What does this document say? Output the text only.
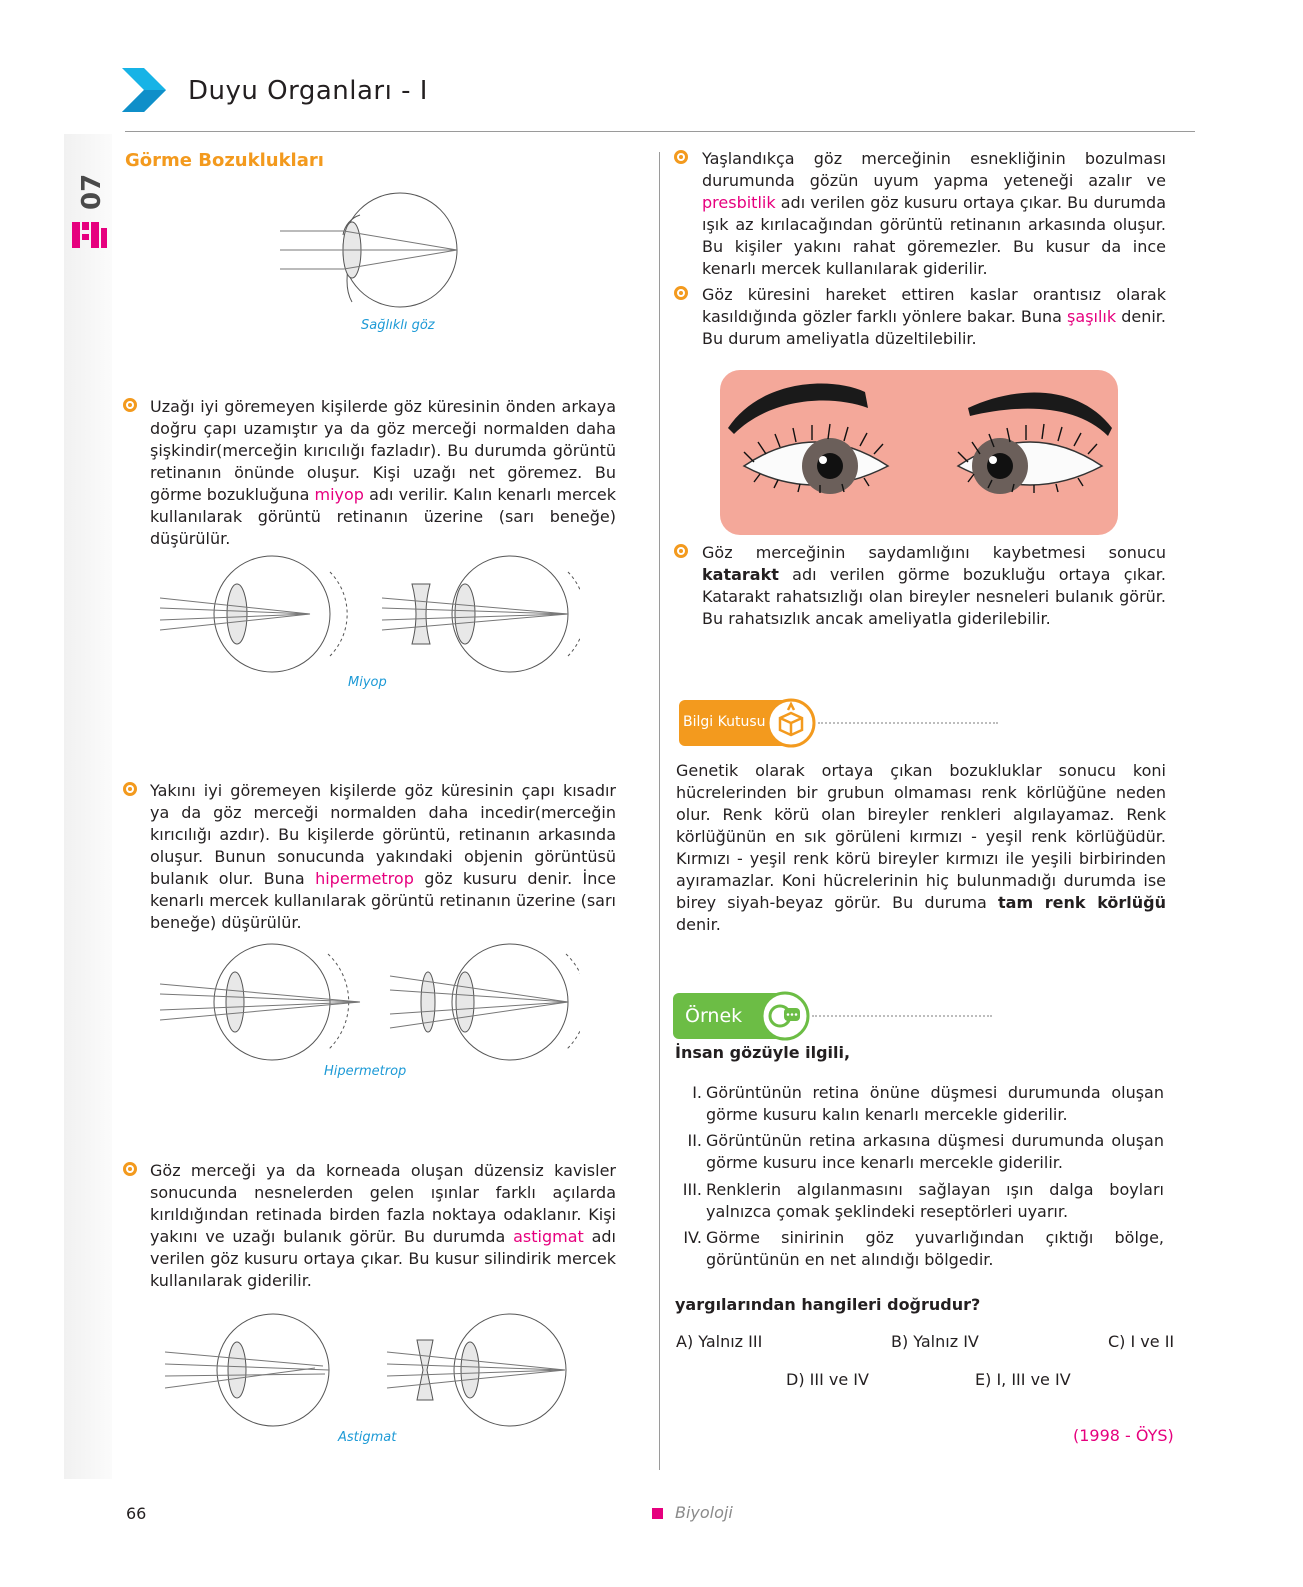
Duyu Organları - I
07
Görme Bozuklukları
Sağlıklı göz
Uzağı iyi göremeyen kişilerde göz küresinin önden arkaya doğru çapı uzamıştır ya da göz merceği normalden daha şişkindir(merceğin kırıcılığı fazladır). Bu durumda görüntü retinanın önünde oluşur. Kişi uzağı net göremez. Bu görme bozukluğuna miyop adı verilir. Kalın kenarlı mercek kullanılarak görüntü retinanın üzerine (sarı beneğe) düşürülür.
Miyop
Yakını iyi göremeyen kişilerde göz küresinin çapı kısadır ya da göz merceği normalden daha incedir(merceğin kırıcılığı azdır). Bu kişilerde görüntü, retinanın arkasında oluşur. Bunun sonucunda yakındaki objenin görüntüsü bulanık olur. Buna hipermetrop göz kusuru denir. İnce kenarlı mercek kullanılarak görüntü retinanın üzerine (sarı beneğe) düşürülür.
Hipermetrop
Göz merceği ya da korneada oluşan düzensiz kavisler sonucunda nesnelerden gelen ışınlar farklı açılarda kırıldığından retinada birden fazla noktaya odaklanır. Kişi yakını ve uzağı bulanık görür. Bu durumda astigmat adı verilen göz kusuru ortaya çıkar. Bu kusur silindirik mercek kullanılarak giderilir.
Astigmat
Yaşlandıkça göz merceğinin esnekliğinin bozulması durumunda gözün uyum yapma yeteneği azalır ve presbitlik adı verilen göz kusuru ortaya çıkar. Bu durumda ışık az kırılacağından görüntü retinanın arkasında oluşur. Bu kişiler yakını rahat göremezler. Bu kusur da ince kenarlı mercek kullanılarak giderilir.
Göz küresini hareket ettiren kaslar orantısız olarak kasıldığında gözler farklı yönlere bakar. Buna şaşılık denir. Bu durum ameliyatla düzeltilebilir.
Göz merceğinin saydamlığını kaybetmesi sonucu katarakt adı verilen görme bozukluğu ortaya çıkar. Katarakt rahatsızlığı olan bireyler nesneleri bulanık görür. Bu rahatsızlık ancak ameliyatla giderilebilir.
Bilgi Kutusu
Genetik olarak ortaya çıkan bozukluklar sonucu koni hücrelerinden bir grubun olmaması renk körlüğüne neden olur. Renk körü olan bireyler renkleri algılayamaz. Renk körlüğünün en sık görüleni kırmızı - yeşil renk körlüğüdür. Kırmızı - yeşil renk körü bireyler kırmızı ile yeşili birbirinden ayıramazlar. Koni hücrelerinin hiç bulunmadığı durumda ise birey siyah-beyaz görür. Bu duruma tam renk körlüğü denir.
Örnek
İnsan gözüyle ilgili,
I. Görüntünün retina önüne düşmesi durumunda oluşan görme kusuru kalın kenarlı mercekle giderilir.
II. Görüntünün retina arkasına düşmesi durumunda oluşan görme kusuru ince kenarlı mercekle giderilir.
III. Renklerin algılanmasını sağlayan ışın dalga boyları yalnızca çomak şeklindeki reseptörleri uyarır.
IV. Görme sinirinin göz yuvarlığından çıktığı bölge, görüntünün en net alındığı bölgedir.
yargılarından hangileri doğrudur?
A) Yalnız III	B) Yalnız IV	C) I ve II
D) III ve IV	E) I, III ve IV
(1998 - ÖYS)
66	Biyoloji
